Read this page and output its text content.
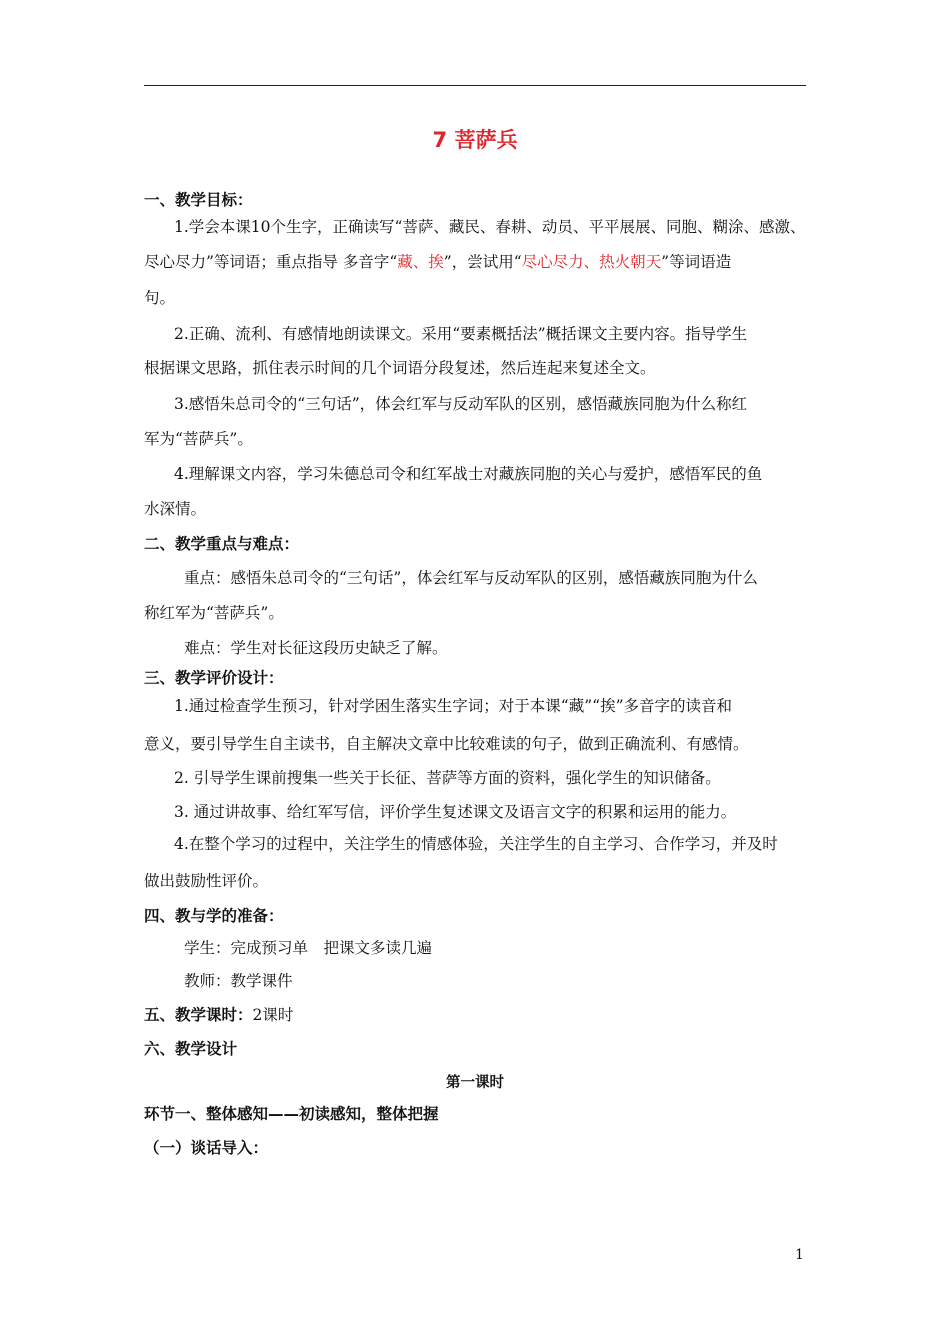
7 菩萨兵
一、教学目标：
1.学会本课10个生字，正确读写“菩萨、藏民、春耕、动员、平平展展、同胞、糊涂、感激、
尽心尽力”等词语；重点指导 多音字“藏、挨”，尝试用“尽心尽力、热火朝天”等词语造
句。
2.正确、流利、有感情地朗读课文。采用“要素概括法”概括课文主要内容。指导学生
根据课文思路，抓住表示时间的几个词语分段复述，然后连起来复述全文。
3.感悟朱总司令的“三句话”，体会红军与反动军队的区别，感悟藏族同胞为什么称红
军为“菩萨兵”。
4.理解课文内容，学习朱德总司令和红军战士对藏族同胞的关心与爱护，感悟军民的鱼
水深情。
二、教学重点与难点：
重点：感悟朱总司令的“三句话”，体会红军与反动军队的区别，感悟藏族同胞为什么
称红军为“菩萨兵”。
难点：学生对长征这段历史缺乏了解。
三、教学评价设计：
1.通过检查学生预习，针对学困生落实生字词；对于本课“藏”“挨”多音字的读音和
意义，要引导学生自主读书，自主解决文章中比较难读的句子，做到正确流利、有感情。
2. 引导学生课前搜集一些关于长征、菩萨等方面的资料，强化学生的知识储备。
3. 通过讲故事、给红军写信，评价学生复述课文及语言文字的积累和运用的能力。
4.在整个学习的过程中，关注学生的情感体验，关注学生的自主学习、合作学习，并及时
做出鼓励性评价。
四、教与学的准备：
学生：完成预习单　把课文多读几遍
教师：教学课件
五、教学课时：2课时
六、教学设计
第一课时
环节一、整体感知——初读感知，整体把握
（一）谈话导入：
1
